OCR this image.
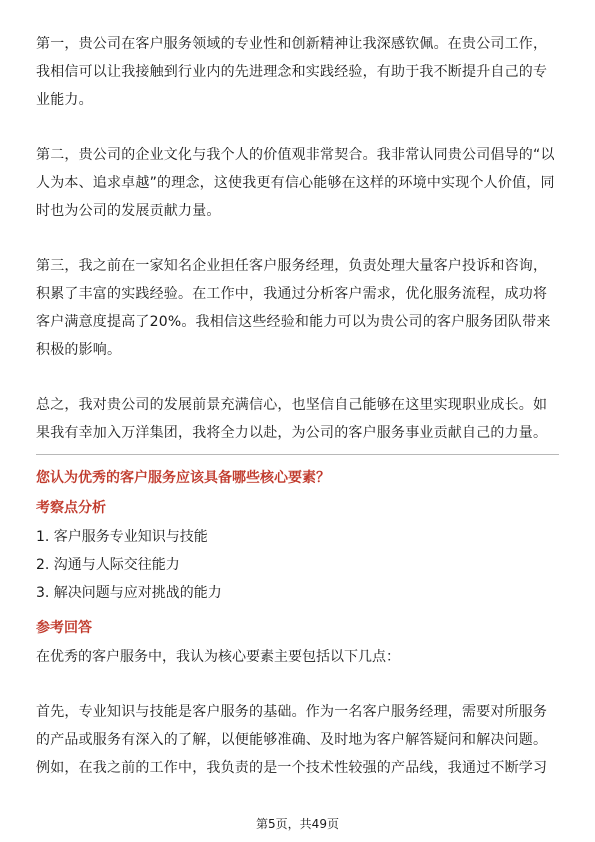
第一，贵公司在客户服务领域的专业性和创新精神让我深感钦佩。在贵公司工作，我相信可以让我接触到行业内的先进理念和实践经验，有助于我不断提升自己的专业能力。

第二，贵公司的企业文化与我个人的价值观非常契合。我非常认同贵公司倡导的“以人为本、追求卓越”的理念，这使我更有信心能够在这样的环境中实现个人价值，同时也为公司的发展贡献力量。

第三，我之前在一家知名企业担任客户服务经理，负责处理大量客户投诉和咨询，积累了丰富的实践经验。在工作中，我通过分析客户需求，优化服务流程，成功将客户满意度提高了20%。我相信这些经验和能力可以为贵公司的客户服务团队带来积极的影响。

总之，我对贵公司的发展前景充满信心，也坚信自己能够在这里实现职业成长。如果我有幸加入万洋集团，我将全力以赴，为公司的客户服务事业贡献自己的力量。

您认为优秀的客户服务应该具备哪些核心要素？
考察点分析
1. 客户服务专业知识与技能
2. 沟通与人际交往能力
3. 解决问题与应对挑战的能力
参考回答

在优秀的客户服务中，我认为核心要素主要包括以下几点：

首先，专业知识与技能是客户服务的基础。作为一名客户服务经理，需要对所服务的产品或服务有深入的了解，以便能够准确、及时地为客户解答疑问和解决问题。例如，在我之前的工作中，我负责的是一个技术性较强的产品线，我通过不断学习

第5页，共49页
